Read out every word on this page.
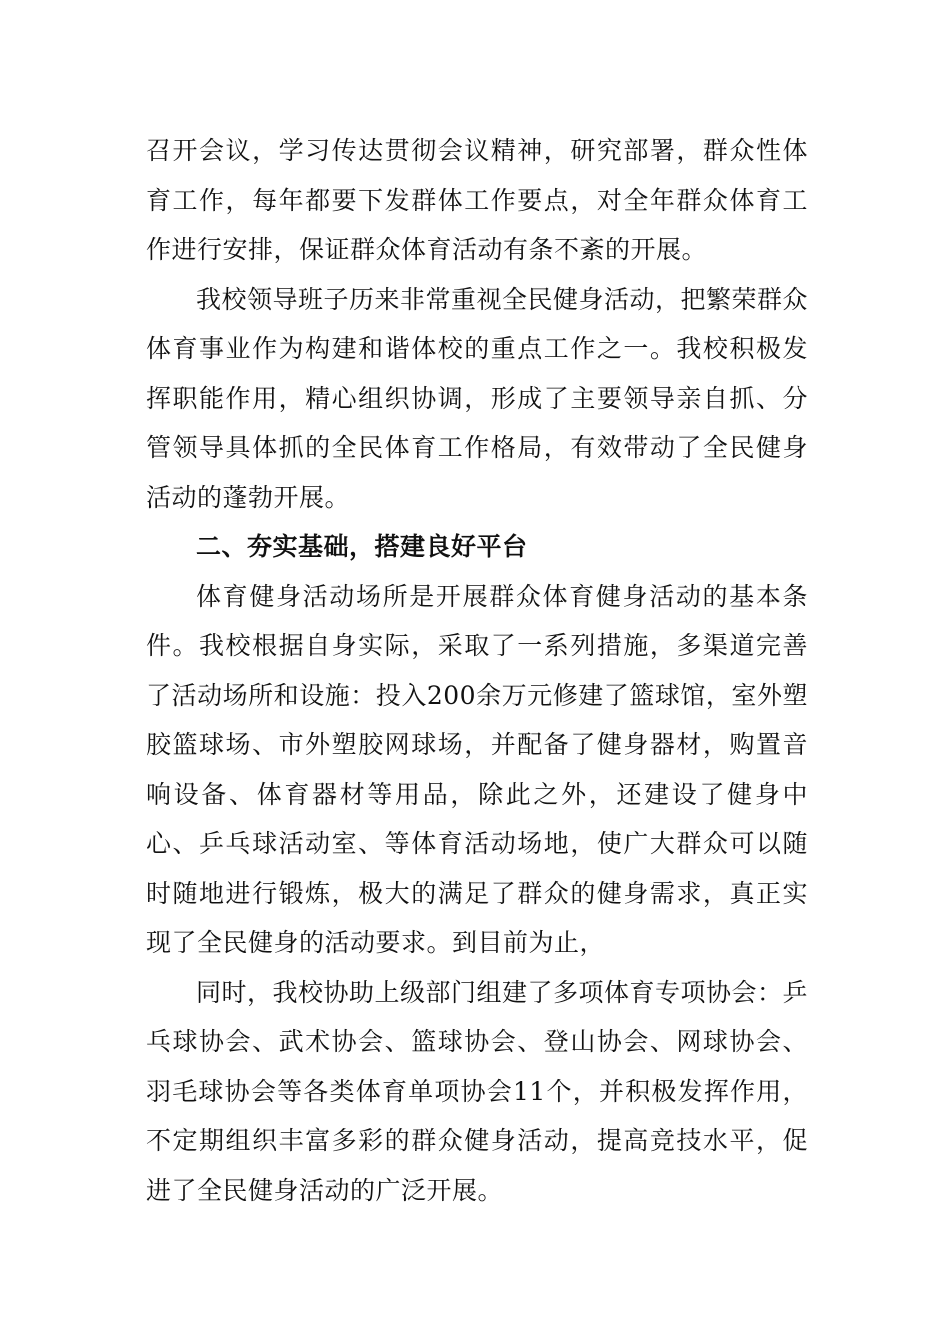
召开会议，学习传达贯彻会议精神，研究部署，群众性体育工作，每年都要下发群体工作要点，对全年群众体育工作进行安排，保证群众体育活动有条不紊的开展。

我校领导班子历来非常重视全民健身活动，把繁荣群众体育事业作为构建和谐体校的重点工作之一。我校积极发挥职能作用，精心组织协调，形成了主要领导亲自抓、分管领导具体抓的全民体育工作格局，有效带动了全民健身活动的蓬勃开展。

二、夯实基础，搭建良好平台

体育健身活动场所是开展群众体育健身活动的基本条件。我校根据自身实际，采取了一系列措施，多渠道完善了活动场所和设施：投入200余万元修建了篮球馆，室外塑胶篮球场、市外塑胶网球场，并配备了健身器材，购置音响设备、体育器材等用品，除此之外，还建设了健身中心、乒乓球活动室、等体育活动场地，使广大群众可以随时随地进行锻炼，极大的满足了群众的健身需求，真正实现了全民健身的活动要求。到目前为止，

同时，我校协助上级部门组建了多项体育专项协会：乒乓球协会、武术协会、篮球协会、登山协会、网球协会、羽毛球协会等各类体育单项协会11个，并积极发挥作用，不定期组织丰富多彩的群众健身活动，提高竞技水平，促进了全民健身活动的广泛开展。
